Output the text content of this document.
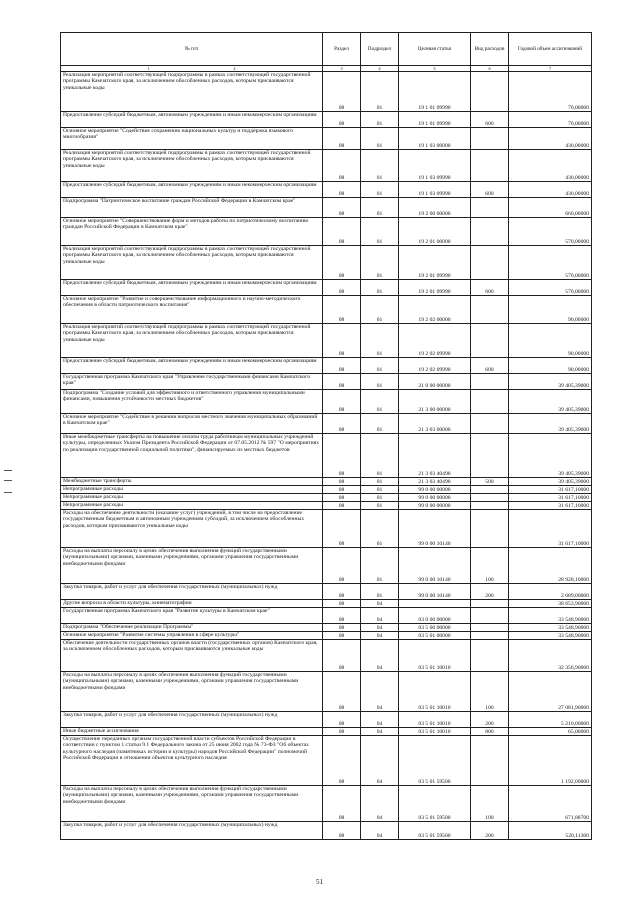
№ п/п	Раздел	Подраздел	Целевая статья	Вид расходов	Годовой объем ассигнований
1 2	3	4	5	6	7
Реализация мероприятий соответствующей подпрограммы в рамках соответствующей государственной программы Камчатского края, за исключением обособленных расходов, которым присваиваются уникальные коды	08	01	19 1 01 09990		70,00000
Предоставление субсидий бюджетным, автономным учреждениям и иным некоммерческим организациям	08	01	19 1 01 09990	600	70,00000
Основное мероприятие "Содействие сохранению национальных культур и поддержка языкового многообразия"	08	01	19 1 03 00000		430,00000
Реализация мероприятий соответствующей подпрограммы в рамках соответствующей государственной программы Камчатского края, за исключением обособленных расходов, которым присваиваются уникальные коды	08	01	19 1 03 09990		430,00000
Предоставление субсидий бюджетным, автономным учреждениям и иным некоммерческим организациям	08	01	19 1 03 09990	600	430,00000
Подпрограмма "Патриотическое воспитание граждан Российской Федерации в Камчатском крае"	08	01	19 2 00 00000		660,00000
Основное мероприятие "Совершенствование форм и методов работы по патриотическому воспитанию граждан Российской Федерации в Камчатском крае"	08	01	19 2 01 00000		570,00000
Реализация мероприятий соответствующей подпрограммы в рамках соответствующей государственной программы Камчатского края, за исключением обособленных расходов, которым присваиваются уникальные коды	08	01	19 2 01 09990		570,00000
Предоставление субсидий бюджетным, автономным учреждениям и иным некоммерческим организациям	08	01	19 2 01 09990	600	570,00000
Основное мероприятие "Развитие и совершенствование информационного и научно-методического обеспечения в области патриотического воспитания"	08	01	19 2 02 00000		90,00000
Реализация мероприятий соответствующей подпрограммы в рамках соответствующей государственной программы Камчатского края, за исключением обособленных расходов, которым присваиваются уникальные коды	08	01	19 2 02 09990		90,00000
Предоставление субсидий бюджетным, автономным учреждениям и иным некоммерческим организациям	08	01	19 2 02 09990	600	90,00000
Государственная программа Камчатского края "Управление государственными финансами Камчатского края"	08	01	21 0 00 00000		39 405,39000
Подпрограмма "Создание условий для эффективного и ответственного управления муниципальными финансами, повышения устойчивости местных бюджетов"	08	01	21 3 00 00000		39 405,39000
Основное мероприятие "Содействие в решении вопросов местного значения муниципальных образований в Камчатском крае"	08	01	21 3 03 00000		39 405,39000
Иные межбюджетные трансферты на повышение оплаты труда работникам муниципальных учреждений культуры, определенных Указом Президента Российской Федерации от 07.05.2012 № 597 "О мероприятиях по реализации государственной социальной политики", финансируемых из местных бюджетов	08	01	21 3 03 40490		39 405,39000
Межбюджетные трансферты	08	01	21 3 03 40490	500	39 405,39000
Непрограммные расходы	08	01	99 0 00 00000		31 617,10000
Непрограммные расходы	08	01	99 0 00 00000		31 617,10000
Непрограммные расходы	08	01	99 0 00 00000		31 617,10000
Расходы на обеспечение деятельности (оказание услуг) учреждений, в том числе на предоставление государственным бюджетным и автономным учреждениям субсидий, за исключением обособленных расходов, которым присваиваются уникальные коды	08	01	99 0 00 10140		31 617,10000
Расходы на выплаты персоналу в целях обеспечения выполнения функций государственными (муниципальными) органами, казенными учреждениями, органами управления государственными внебюджетными фондами	08	01	99 0 00 10140	100	28 928,10000
Закупка товаров, работ и услуг для обеспечения государственных (муниципальных) нужд	08	01	99 0 00 10140	200	2 689,00000
Другие вопросы в области культуры, кинематографии	08	04			38 653,90000
Государственная программа Камчатского края "Развитие культуры в Камчатском крае"	08	04	03 0 00 00000		33 548,90000
Подпрограмма "Обеспечение реализации Программы"	08	04	03 5 00 00000		33 548,90000
Основное мероприятие "Развитие системы управления в сфере культуры"	08	04	03 5 01 00000		33 548,90000
Обеспечение деятельности государственных органов власти (государственных органов) Камчатского края, за исключением обособленных расходов, которым присваиваются уникальные коды	08	04	03 5 01 10010		32 356,90000
Расходы на выплаты персоналу в целях обеспечения выполнения функций государственными (муниципальными) органами, казенными учреждениями, органами управления государственными внебюджетными фондами	08	04	03 5 01 10010	100	27 081,90000
Закупка товаров, работ и услуг для обеспечения государственных (муниципальных) нужд	08	04	03 5 01 10010	200	5 210,00000
Иные бюджетные ассигнования	08	04	03 5 01 10010	800	65,00000
Осуществление переданных органам государственной власти субъектов Российской Федерации в соответствии с пунктом 1 статьи 9.1 Федерального закона от 25 июня 2002 года № 73-ФЗ "Об объектах культурного наследия (памятниках истории и культуры) народов Российской Федерации" полномочий Российской Федерации в отношении объектов культурного наследия	08	04	03 5 01 59500		1 192,00000
Расходы на выплаты персоналу в целях обеспечения выполнения функций государственными (муниципальными) органами, казенными учреждениями, органами управления государственными внебюджетными фондами	08	04	03 5 01 59500	100	671,88700
Закупка товаров, работ и услуг для обеспечения государственных (муниципальных) нужд	08	04	03 5 01 59500	200	520,11300
51
